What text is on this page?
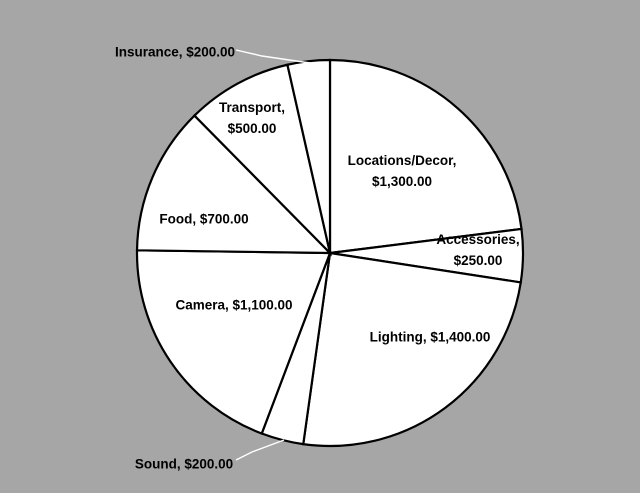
Locations/Decor,
$1,300.00
Accessories,
$250.00
Lighting, $1,400.00
Sound, $200.00
Camera, $1,100.00
Food, $700.00
Transport,
$500.00
Insurance, $200.00
